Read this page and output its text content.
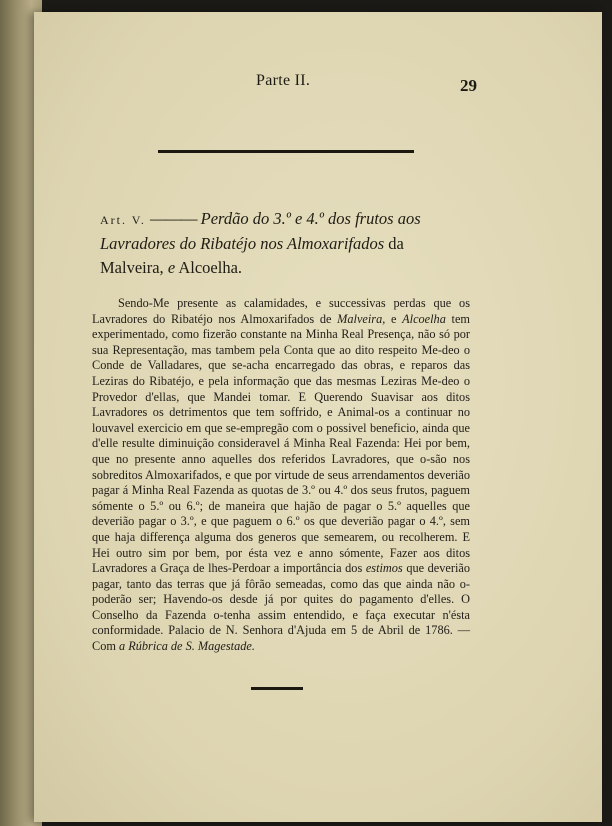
Parte II.	29
Art. V. ——— Perdão do 3.º e 4.º dos frutos aos Lavradores do Ribatéjo nos Almoxarifados da Malveira, e Alcoelha.
Sendo-Me presente as calamidades, e successivas perdas que os Lavradores do Ribatéjo nos Almoxarifados de Malveira, e Alcoelha tem experimentado, como fizerão constante na Minha Real Presença, não só por sua Representação, mas tambem pela Conta que ao dito respeito Me-deo o Conde de Valladares, que se-acha encarregado das obras, e reparos das Leziras do Ribatéjo, e pela informação que das mesmas Leziras Me-deo o Provedor d'ellas, que Mandei tomar. E Querendo Suavisar aos ditos Lavradores os detrimentos que tem soffrido, e Animal-os a continuar no louvavel exercicio em que se-empregão com o possivel beneficio, ainda que d'elle resulte diminuição consideravel á Minha Real Fazenda: Hei por bem, que no presente anno aquelles dos referidos Lavradores, que o-são nos sobreditos Almoxarifados, e que por virtude de seus arrendamentos deverião pagar á Minha Real Fazenda as quotas de 3.º ou 4.º dos seus frutos, paguem sómente o 5.º ou 6.º; de maneira que hajão de pagar o 5.º aquelles que deverião pagar o 3.º, e que paguem o 6.º os que deverião pagar o 4.º, sem que haja differença alguma dos generos que semearem, ou recolherem. E Hei outro sim por bem, por ésta vez e anno sómente, Fazer aos ditos Lavradores a Graça de lhes-Perdoar a importância dos estimos que deverião pagar, tanto das terras que já fôrão semeadas, como das que ainda não o-poderão ser; Havendo-os desde já por quites do pagamento d'elles. O Conselho da Fazenda o-tenha assim entendido, e faça executar n'ésta conformidade. Palacio de N. Senhora d'Ajuda em 5 de Abril de 1786. — Com a Rúbrica de S. Magestade.
